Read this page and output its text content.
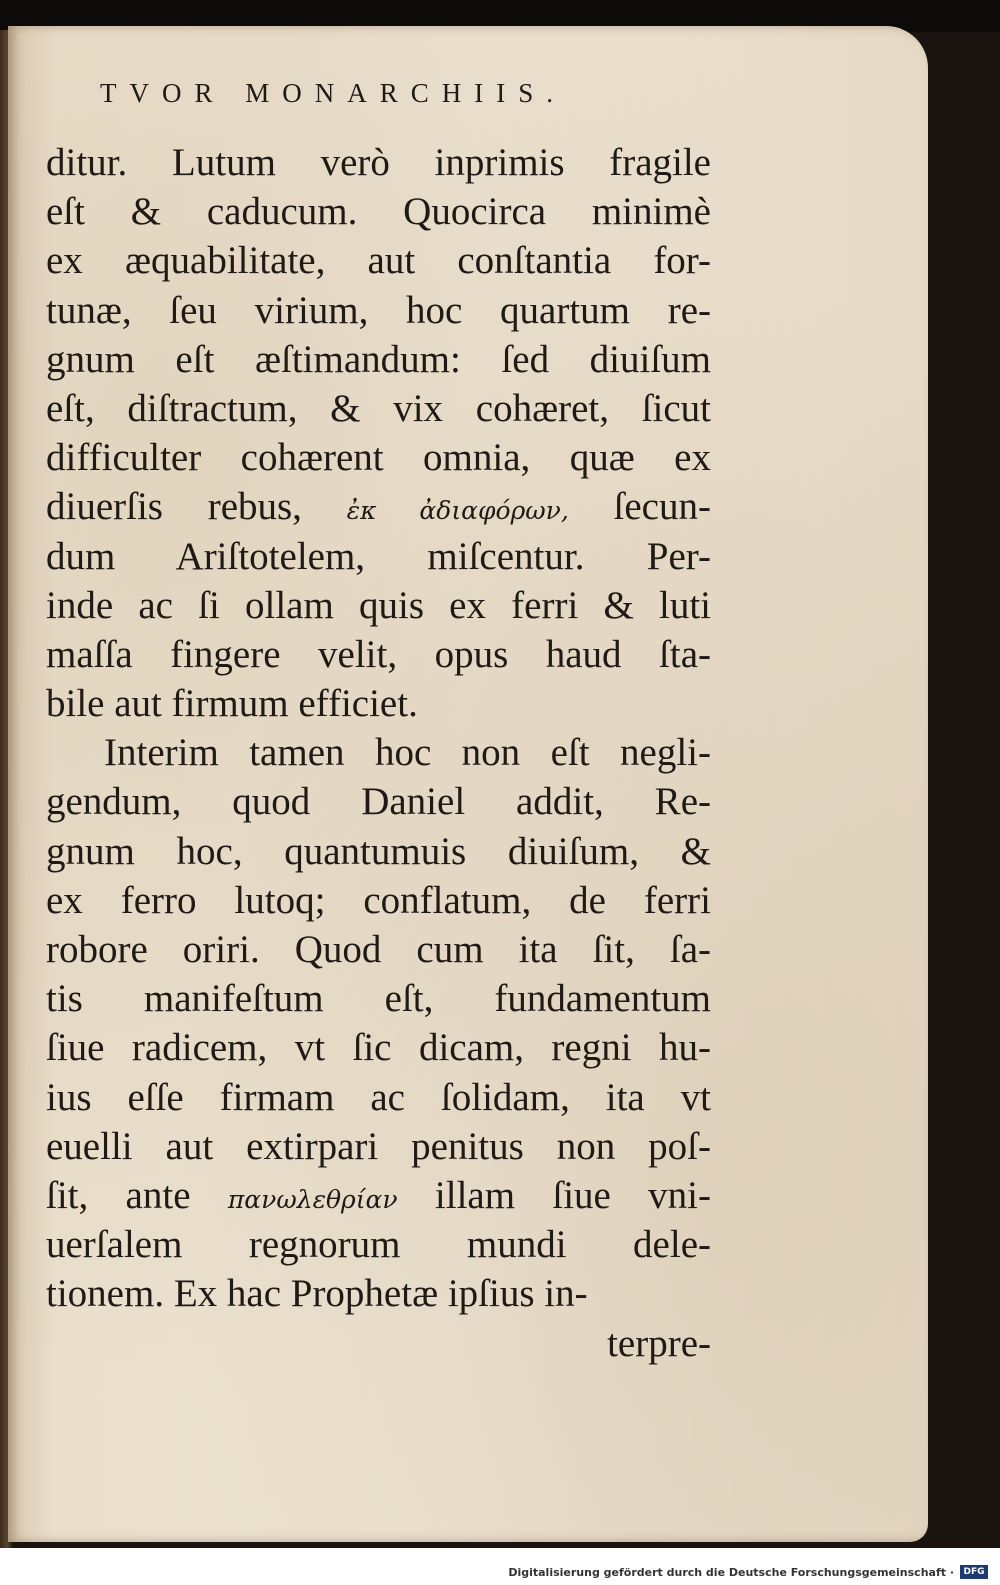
TVOR MONARCHIIS.
ditur. Lutum verò inprimis fragile
eſt & caducum. Quocirca minimè
ex æquabilitate, aut conſtantia for-
tunæ, ſeu virium, hoc quartum re-
gnum eſt æſtimandum: ſed diuiſum
eſt, diſtractum, & vix cohæret, ſicut
difficulter cohærent omnia, quæ ex
diuerſis rebus, ἐκ ἀδιαφόρων, ſecun-
dum Ariſtotelem, miſcentur. Per-
inde ac ſi ollam quis ex ferri & luti
maſſa fingere velit, opus haud ſta-
bile aut firmum efficiet.
Interim tamen hoc non eſt negli-
gendum, quod Daniel addit, Re-
gnum hoc, quantumuis diuiſum, &
ex ferro lutoq; conflatum, de ferri
robore oriri. Quod cum ita ſit, ſa-
tis manifeſtum eſt, fundamentum
ſiue radicem, vt ſic dicam, regni hu-
ius eſſe firmam ac ſolidam, ita vt
euelli aut extirpari penitus non poſ-
ſit, ante πανωλεθρίαν illam ſiue vni-
uerſalem regnorum mundi dele-
tionem. Ex hac Prophetæ ipſius in-
terpre-
Digitalisierung gefördert durch die Deutsche Forschungsgemeinschaft ·	DFG
